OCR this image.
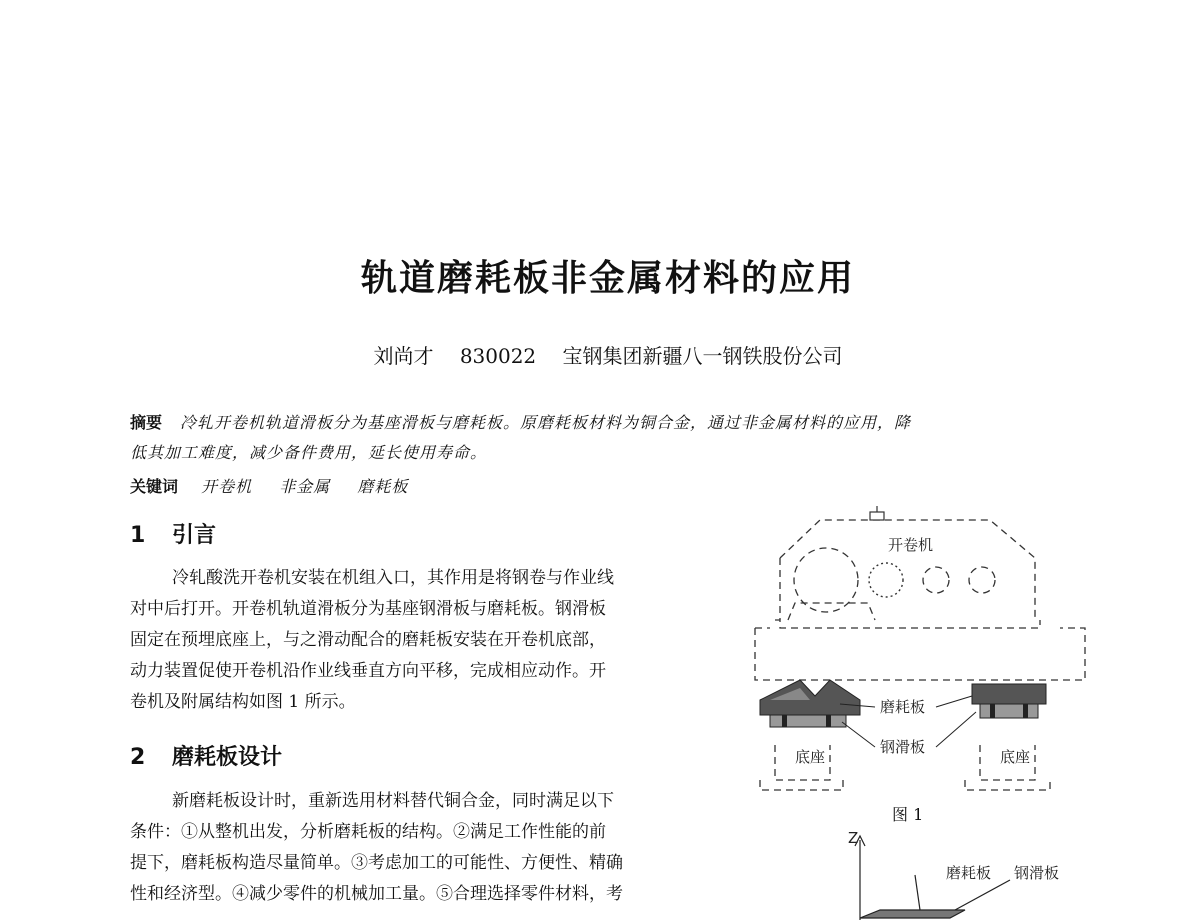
轨道磨耗板非金属材料的应用
刘尚才 830022 宝钢集团新疆八一钢铁股份公司
摘要 冷轧开卷机轨道滑板分为基座滑板与磨耗板。原磨耗板材料为铜合金，通过非金属材料的应用，降
低其加工难度，减少备件费用，延长使用寿命。
关键词 开卷机 非金属 磨耗板
1 引言
冷轧酸洗开卷机安装在机组入口，其作用是将钢卷与作业线
对中后打开。开卷机轨道滑板分为基座钢滑板与磨耗板。钢滑板
固定在预埋底座上，与之滑动配合的磨耗板安装在开卷机底部，
动力装置促使开卷机沿作业线垂直方向平移，完成相应动作。开
卷机及附属结构如图 1 所示。
2 磨耗板设计
新磨耗板设计时，重新选用材料替代铜合金，同时满足以下
条件：①从整机出发，分析磨耗板的结构。②满足工作性能的前
提下，磨耗板构造尽量简单。③考虑加工的可能性、方便性、精确
性和经济型。④减少零件的机械加工量。⑤合理选择零件材料，考
开卷机
磨耗板
钢滑板
底座	底座
Z
磨耗板 钢滑板
图 1
